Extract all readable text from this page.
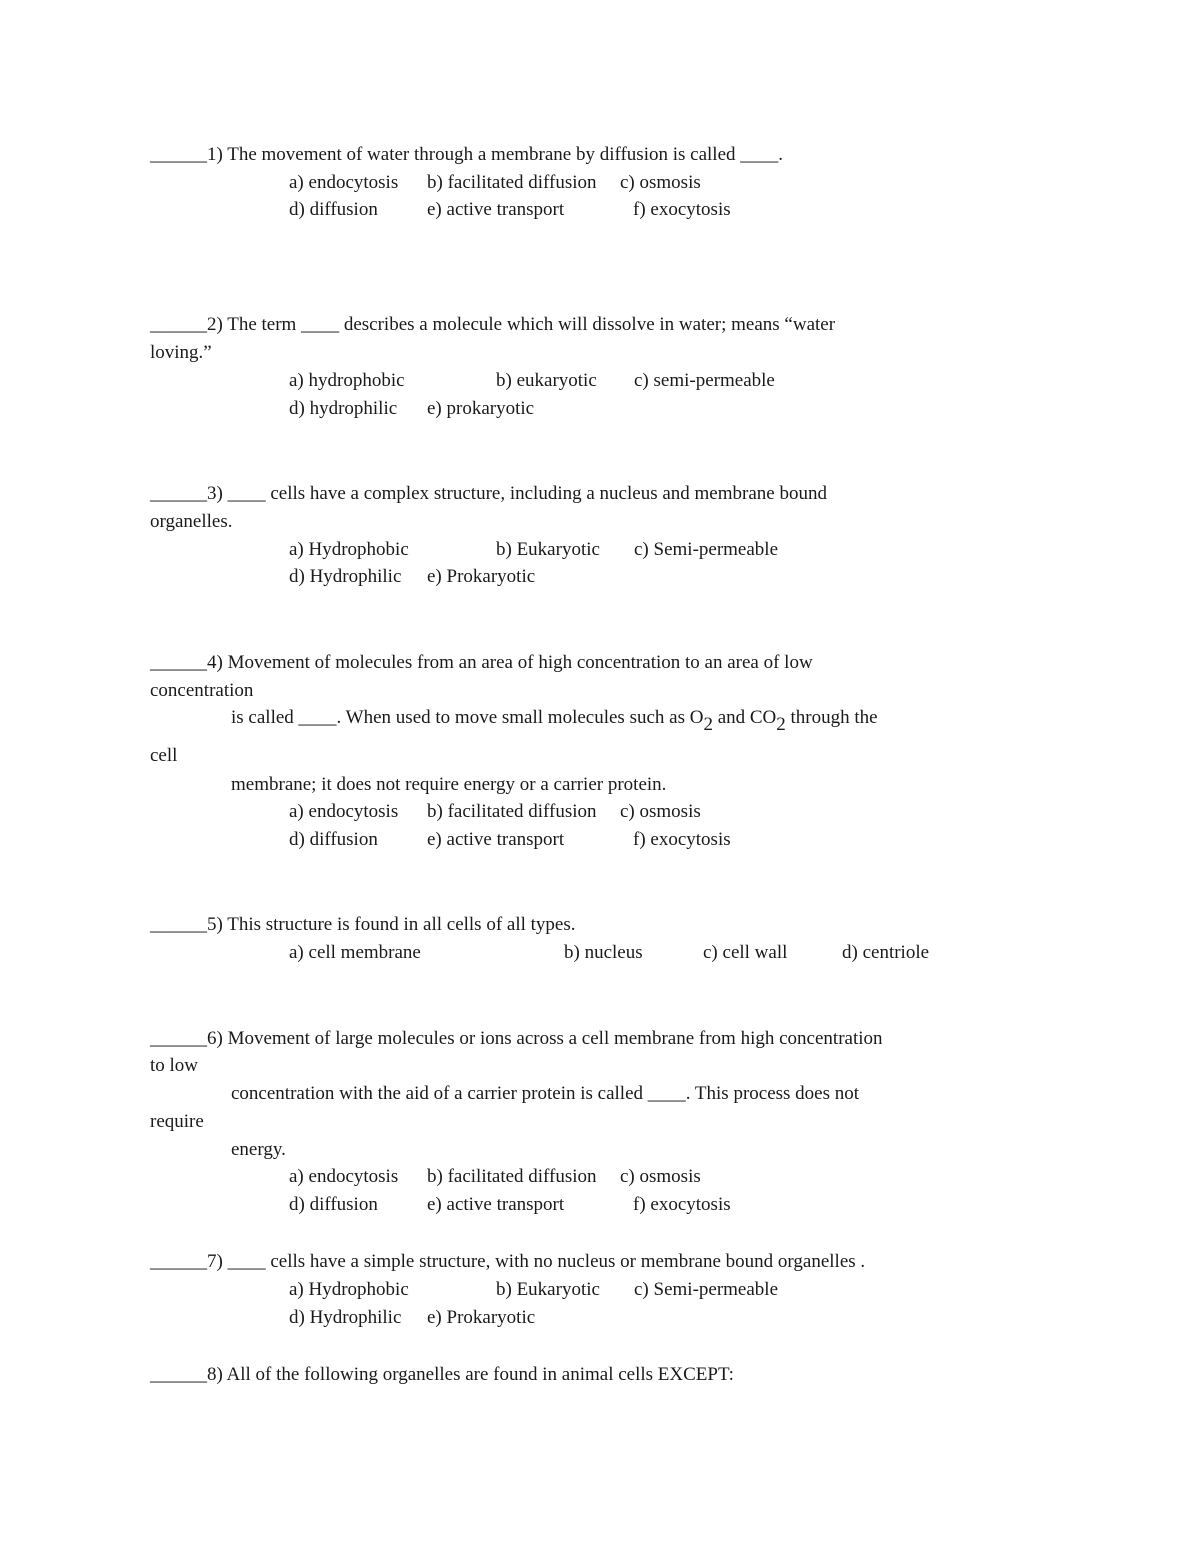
______1) The movement of water through a membrane by diffusion is called ____.

a) endocytosis b) facilitated diffusion c) osmosis
d) diffusion	e) active transport	f) exocytosis

______2) The term ____ describes a molecule which will dissolve in water; means “water

loving.”

a) hydrophobic	b) eukaryotic c) semi-permeable
d) hydrophilic e) prokaryotic

______3) ____ cells have a complex structure, including a nucleus and membrane bound

organelles.

a) Hydrophobic	b) Eukaryotic c) Semi-permeable
d) Hydrophilic e) Prokaryotic

______4) Movement of molecules from an area of high concentration to an area of low

concentration

is called ____. When used to move small molecules such as $O_2$ and $CO_2$ through the

cell

membrane; it does not require energy or a carrier protein.

a) endocytosis b) facilitated diffusion c) osmosis
d) diffusion	e) active transport	f) exocytosis

______5) This structure is found in all cells of all types.

a) cell membrane	b) nucleus	c) cell wall	d) centriole

______6) Movement of large molecules or ions across a cell membrane from high concentration

to low

concentration with the aid of a carrier protein is called ____. This process does not

require

energy.

a) endocytosis b) facilitated diffusion c) osmosis
d) diffusion	e) active transport	f) exocytosis

______7) ____ cells have a simple structure, with no nucleus or membrane bound organelles .

a) Hydrophobic	b) Eukaryotic c) Semi-permeable
d) Hydrophilic e) Prokaryotic

______8) All of the following organelles are found in animal cells EXCEPT:
